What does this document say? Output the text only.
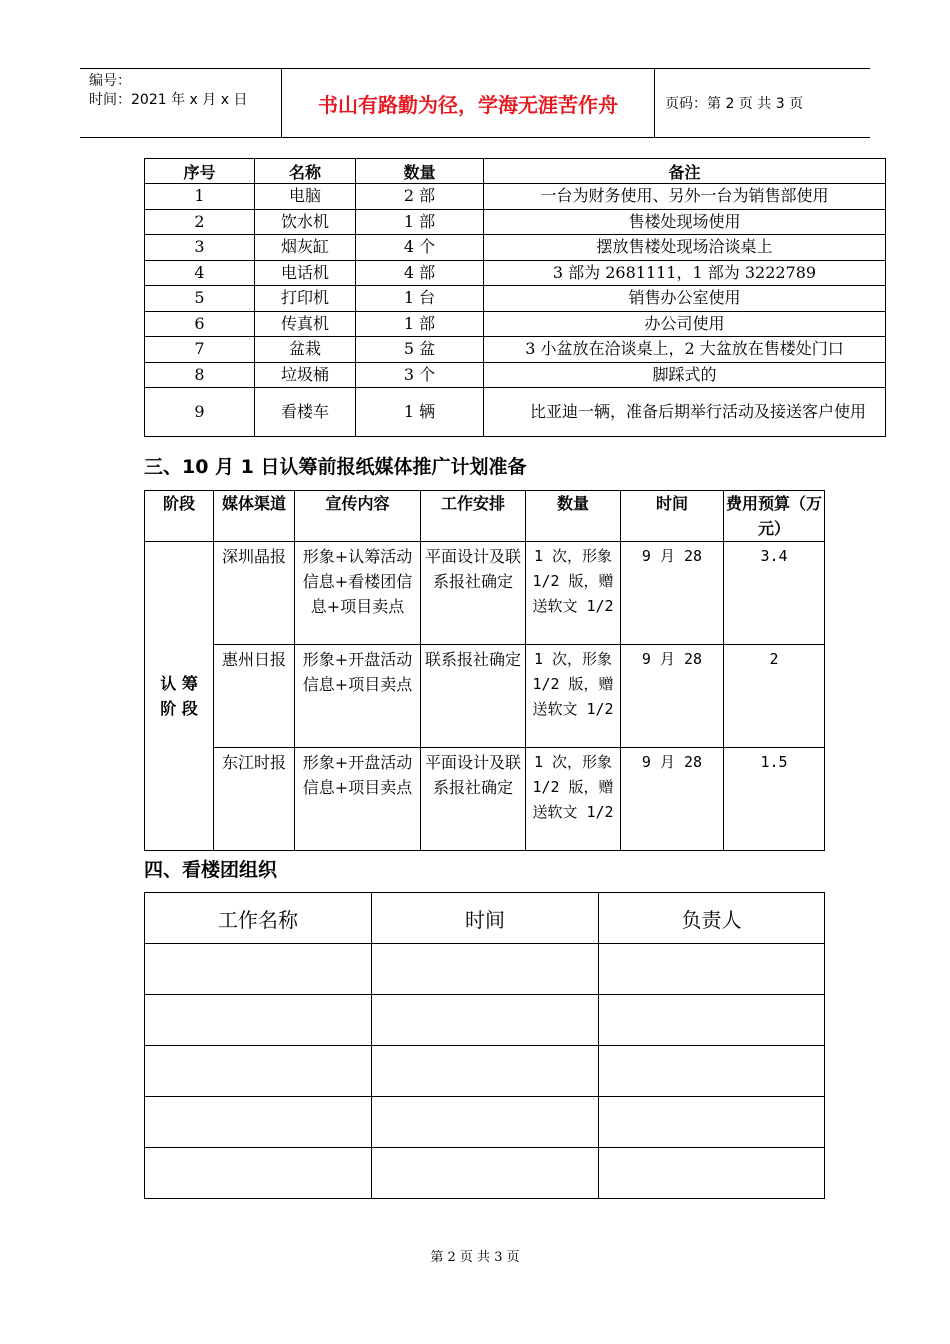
编号：
时间：2021 年 x 月 x 日	书山有路勤为径，学海无涯苦作舟	页码：第 2 页 共 3 页
序号	名称	数量	备注
1	电脑	2 部	一台为财务使用、另外一台为销售部使用
2	饮水机	1 部	售楼处现场使用
3	烟灰缸	4 个	摆放售楼处现场洽谈桌上
4	电话机	4 部	3 部为 2681111，1 部为 3222789
5	打印机	1 台	销售办公室使用
6	传真机	1 部	办公司使用
7	盆栽	5 盆	3 小盆放在洽谈桌上，2 大盆放在售楼处门口
8	垃圾桶	3 个	脚踩式的
9	看楼车	1 辆	比亚迪一辆，准备后期举行活动及接送客户使用
三、10 月 1 日认筹前报纸媒体推广计划准备
阶段	媒体渠道	宣传内容	工作安排	数量	时间	费用预算（万元）
认 筹 阶 段	深圳晶报	形象+认筹活动信息+看楼团信息+项目卖点	平面设计及联系报社确定	1 次，形象 1/2 版，赠送软文 1/2	9 月 28	3.4
	惠州日报	形象+开盘活动信息+项目卖点	联系报社确定	1 次，形象 1/2 版，赠送软文 1/2	9 月 28	2
	东江时报	形象+开盘活动信息+项目卖点	平面设计及联系报社确定	1 次，形象 1/2 版，赠送软文 1/2	9 月 28	1.5
四、看楼团组织
工作名称	时间	负责人

第 2 页 共 3 页
